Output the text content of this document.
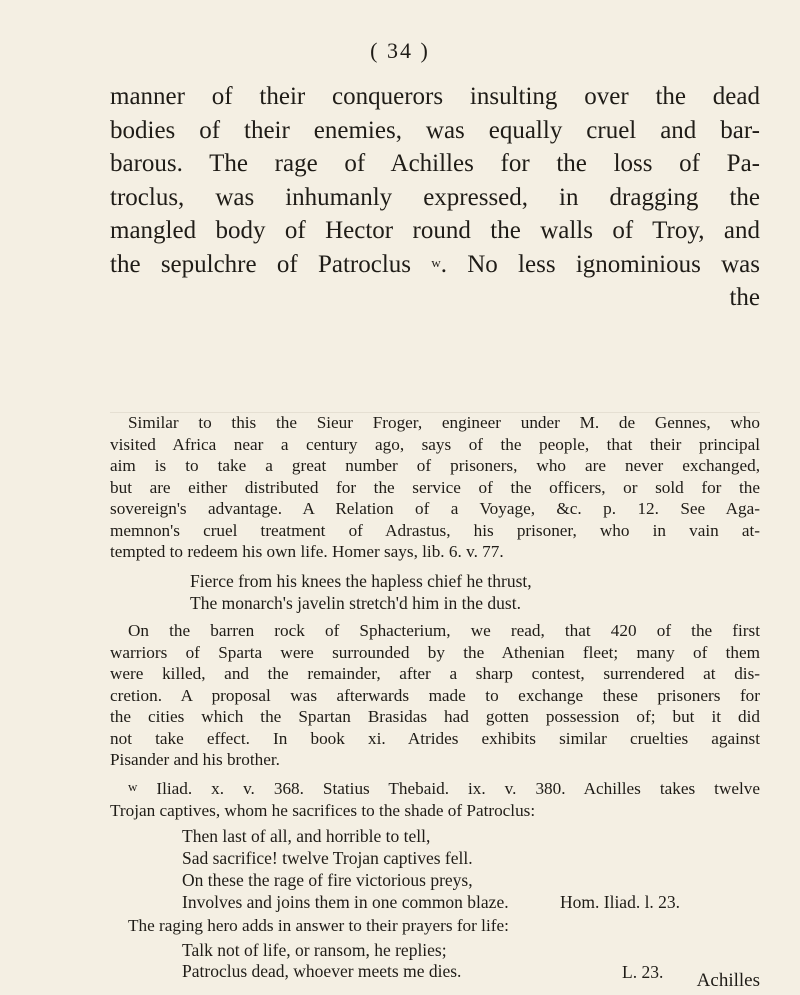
( 34 )
manner of their conquerors insulting over the dead
bodies of their enemies, was equally cruel and bar-
barous. The rage of Achilles for the loss of Pa-
troclus, was inhumanly expressed, in dragging the
mangled body of Hector round the walls of Troy, and
the sepulchre of Patroclus $^w$. No less ignominious was
the
Similar to this the Sieur Froger, engineer under M. de Gennes, who
visited Africa near a century ago, says of the people, that their principal
aim is to take a great number of prisoners, who are never exchanged,
but are either distributed for the service of the officers, or sold for the
sovereign's advantage. A Relation of a Voyage, &c. p. 12. See Aga-
memnon's cruel treatment of Adrastus, his prisoner, who in vain at-
tempted to redeem his own life. Homer says, lib. 6. v. 77.
Fierce from his knees the hapless chief he thrust,
The monarch's javelin stretch'd him in the dust.
On the barren rock of Sphacterium, we read, that 420 of the first
warriors of Sparta were surrounded by the Athenian fleet; many of them
were killed, and the remainder, after a sharp contest, surrendered at dis-
cretion. A proposal was afterwards made to exchange these prisoners for
the cities which the Spartan Brasidas had gotten possession of; but it did
not take effect. In book xi. Atrides exhibits similar cruelties against
Pisander and his brother.
$^w$ Iliad. x. v. 368. Statius Thebaid. ix. v. 380. Achilles takes twelve
Trojan captives, whom he sacrifices to the shade of Patroclus:
Then last of all, and horrible to tell,
Sad sacrifice! twelve Trojan captives fell.
On these the rage of fire victorious preys,
Involves and joins them in one common blaze.	Hom. Iliad. l. 23.
The raging hero adds in answer to their prayers for life:
Talk not of life, or ransom, he replies;
Patroclus dead, whoever meets me dies.	L. 23. Achilles
